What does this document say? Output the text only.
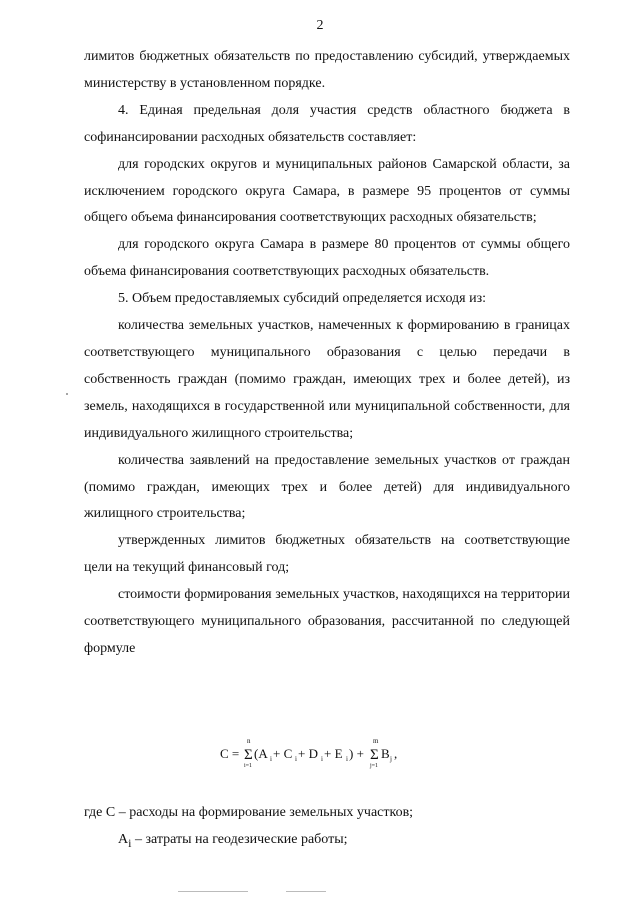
2

лимитов бюджетных обязательств по предоставлению субсидий, утверждаемых министерству в установленном порядке.

4. Единая предельная доля участия средств областного бюджета в софинансировании расходных обязательств составляет:

для городских округов и муниципальных районов Самарской области, за исключением городского округа Самара, в размере 95 процентов от суммы общего объема финансирования соответствующих расходных обязательств;

для городского округа Самара в размере 80 процентов от суммы общего объема финансирования соответствующих расходных обязательств.

5. Объем предоставляемых субсидий определяется исходя из:

количества земельных участков, намеченных к формированию в границах соответствующего муниципального образования с целью передачи в собственность граждан (помимо граждан, имеющих трех и более детей), из земель, находящихся в государственной или муниципальной собственности, для индивидуального жилищного строительства;

количества заявлений на предоставление земельных участков от граждан (помимо граждан, имеющих трех и более детей) для индивидуального жилищного строительства;

утвержденных лимитов бюджетных обязательств на соответствующие цели на текущий финансовый год;

стоимости формирования земельных участков, находящихся на территории соответствующего муниципального образования, рассчитанной по следующей формуле

C =
n
Σ
i=1
(A i + C i + D i + E i ) +
m
Σ
j=1
B j ,

где C – расходы на формирование земельных участков;

$A_i$ – затраты на геодезические работы;
